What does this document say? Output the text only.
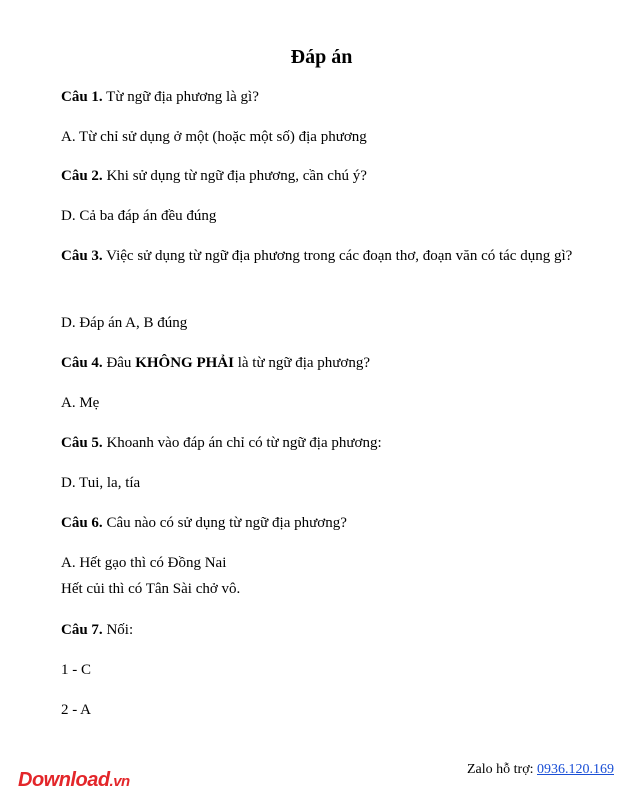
Đáp án
Câu 1. Từ ngữ địa phương là gì?
A. Từ chỉ sử dụng ở một (hoặc một số) địa phương
Câu 2. Khi sử dụng từ ngữ địa phương, cần chú ý?
D. Cả ba đáp án đều đúng
Câu 3. Việc sử dụng từ ngữ địa phương trong các đoạn thơ, đoạn văn có tác dụng gì?
D. Đáp án A, B đúng
Câu 4. Đâu KHÔNG PHẢI là từ ngữ địa phương?
A. Mẹ
Câu 5. Khoanh vào đáp án chỉ có từ ngữ địa phương:
D. Tui, la, tía
Câu 6. Câu nào có sử dụng từ ngữ địa phương?
A. Hết gạo thì có Đồng Nai
Hết củi thì có Tân Sài chở vô.
Câu 7. Nối:
1 - C
2 - A
Download.vn
Zalo hỗ trợ: 0936.120.169
